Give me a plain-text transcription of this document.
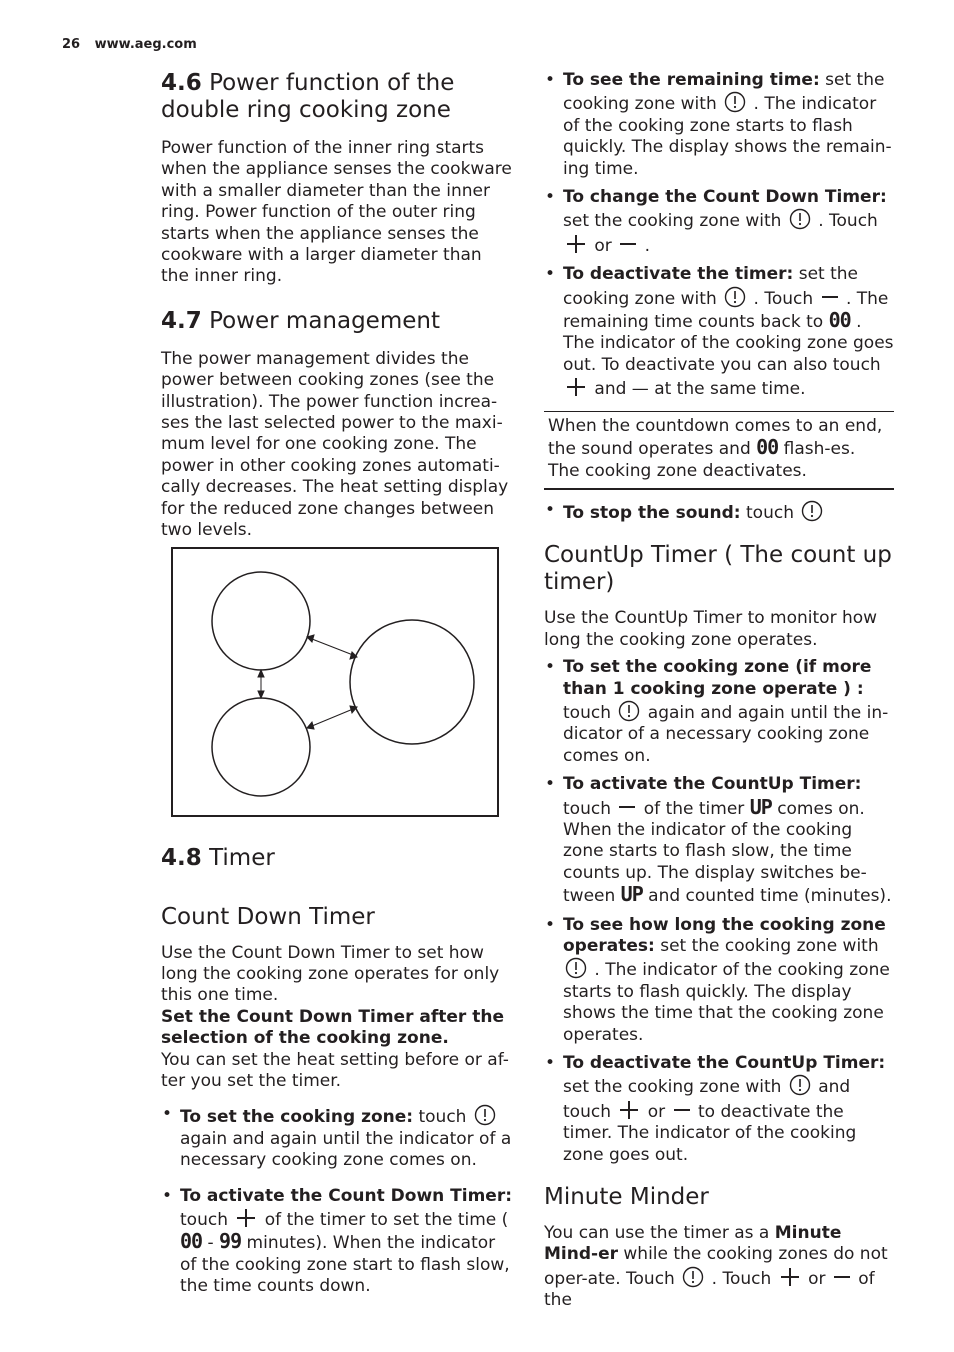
26 www.aeg.com
4.6 Power function of the double ring cooking zone

Power function of the inner ring starts when the appliance senses the cookware with a smaller diameter than the inner ring. Power function of the outer ring starts when the appliance senses the cookware with a larger diameter than the inner ring.

4.7 Power management

The power management divides the power between cooking zones (see the illustration). The power function increa-ses the last selected power to the maxi-mum level for one cooking zone. The power in other cooking zones automati-cally decreases. The heat setting display for the reduced zone changes between two levels.

4.8 Timer
Count Down Timer

Use the Count Down Timer to set how long the cooking zone operates for only this one time.

Set the Count Down Timer after the selection of the cooking zone.

You can set the heat setting before or af-ter you set the timer.

• To set the cooking zone: touch  again and again until the indicator of a necessary cooking zone comes on.
• To activate the Count Down Timer:
touch of the timer to set the time ( 00 - 99 minutes). When the indicator of the cooking zone start to flash slow, the time counts down.
• To see the remaining time: set the cooking zone with . The indicator of the cooking zone starts to flash quickly. The display shows the remain-ing time.
• To change the Count Down Timer:
set the cooking zone with . Touch  or .
• To deactivate the timer: set the cooking zone with . Touch . The remaining time counts back to 00 . The indicator of the cooking zone goes out. To deactivate you can also touch  and — at the same time.

When the countdown comes to an end, the sound operates and 00 flash-es. The cooking zone deactivates.

• To stop the sound: touch
CountUp Timer ( The count up timer)

Use the CountUp Timer to monitor how long the cooking zone operates.

• To set the cooking zone (if more than 1 cooking zone operate ) :
touch again and again until the in-dicator of a necessary cooking zone comes on.
• To activate the CountUp Timer:
touch of the timer UP comes on. When the indicator of the cooking zone starts to flash slow, the time counts up. The display switches be-tween UP and counted time (minutes).
• To see how long the cooking zone operates: set the cooking zone with  . The indicator of the cooking zone starts to flash quickly. The display shows the time that the cooking zone operates.
• To deactivate the CountUp Timer:
set the cooking zone with and touch or to deactivate the timer. The indicator of the cooking zone goes out.
Minute Minder

You can use the timer as a Minute Mind-er while the cooking zones do not oper-ate. Touch . Touch or of the
